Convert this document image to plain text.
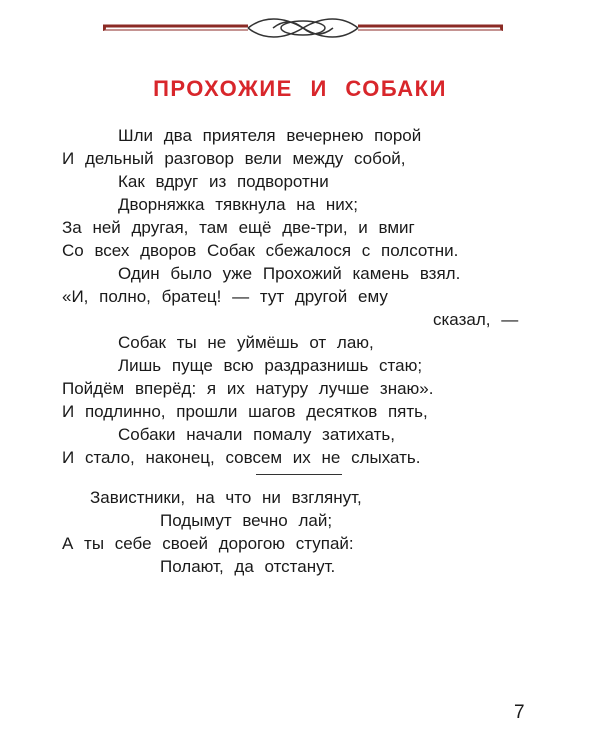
ПРОХОЖИЕ И СОБАКИ
Шли два приятеля вечернею порой
И дельный разговор вели между собой,
Как вдруг из подворотни
Дворняжка тявкнула на них;
За ней другая, там ещё две-три, и вмиг
Со всех дворов Собак сбежалося с полсотни.
Один было уже Прохожий камень взял.
«И, полно, братец! — тут другой ему
сказал, —
Собак ты не уймёшь от лаю,
Лишь пуще всю раздразнишь стаю;
Пойдём вперёд: я их натуру лучше знаю».
И подлинно, прошли шагов десятков пять,
Собаки начали помалу затихать,
И стало, наконец, совсем их не слыхать.
Завистники, на что ни взглянут,
Подымут вечно лай;
А ты себе своей дорогою ступай:
Полают, да отстанут.
7
